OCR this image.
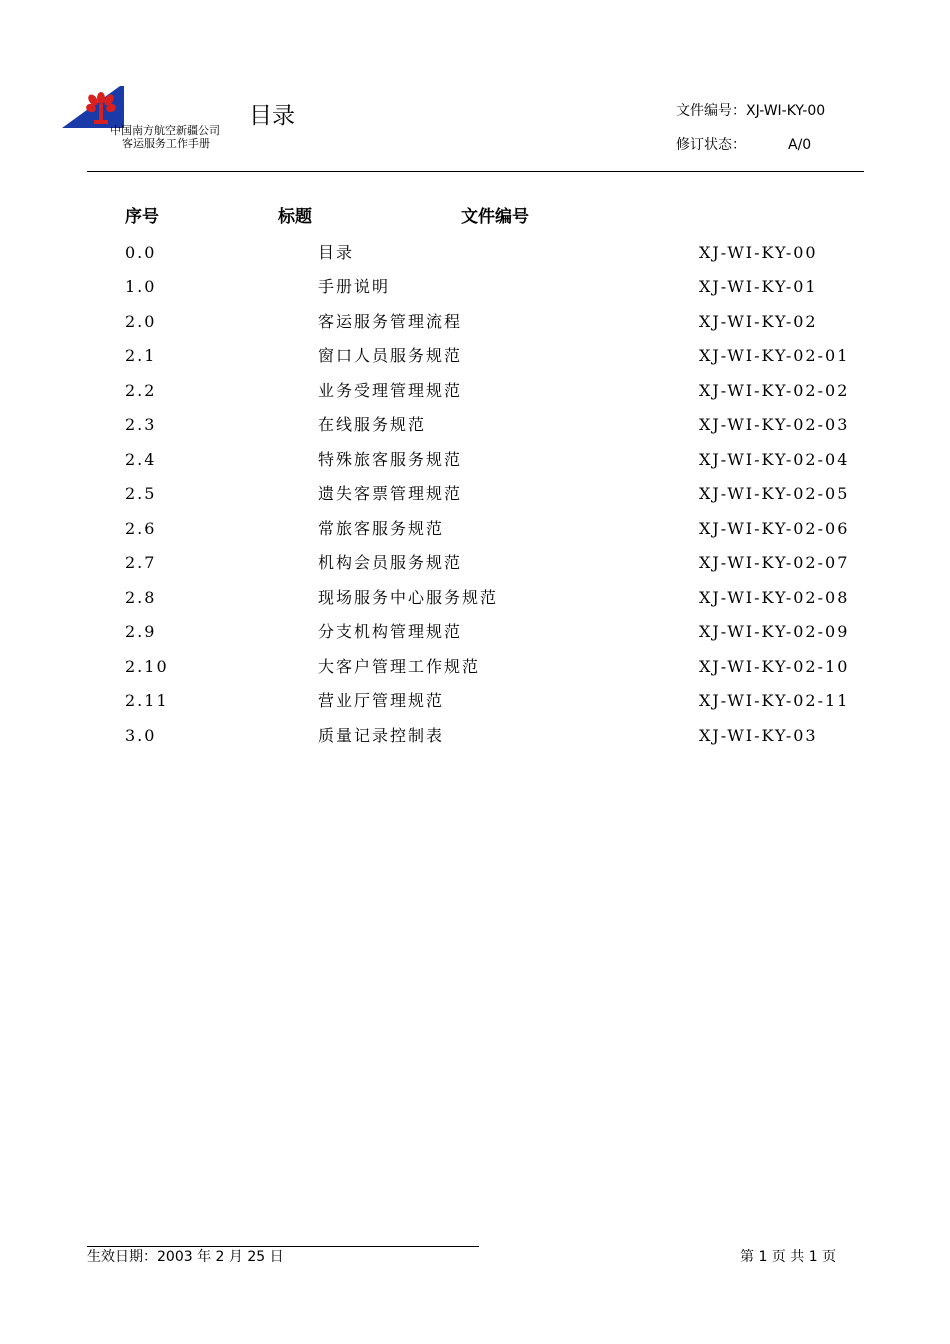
中国南方航空新疆公司
客运服务工作手册
目录	文件编号：XJ-WI-KY-00
修订状态：	A/0
序号	标题	文件编号
0.0	目录	XJ-WI-KY-00
1.0	手册说明	XJ-WI-KY-01
2.0	客运服务管理流程	XJ-WI-KY-02
2.1	窗口人员服务规范	XJ-WI-KY-02-01
2.2	业务受理管理规范	XJ-WI-KY-02-02
2.3	在线服务规范	XJ-WI-KY-02-03
2.4	特殊旅客服务规范	XJ-WI-KY-02-04
2.5	遗失客票管理规范	XJ-WI-KY-02-05
2.6	常旅客服务规范	XJ-WI-KY-02-06
2.7	机构会员服务规范	XJ-WI-KY-02-07
2.8	现场服务中心服务规范	XJ-WI-KY-02-08
2.9	分支机构管理规范	XJ-WI-KY-02-09
2.10	大客户管理工作规范	XJ-WI-KY-02-10
2.11	营业厅管理规范	XJ-WI-KY-02-11
3.0	质量记录控制表	XJ-WI-KY-03
生效日期：2003 年 2 月 25 日	第 1 页 共 1 页
